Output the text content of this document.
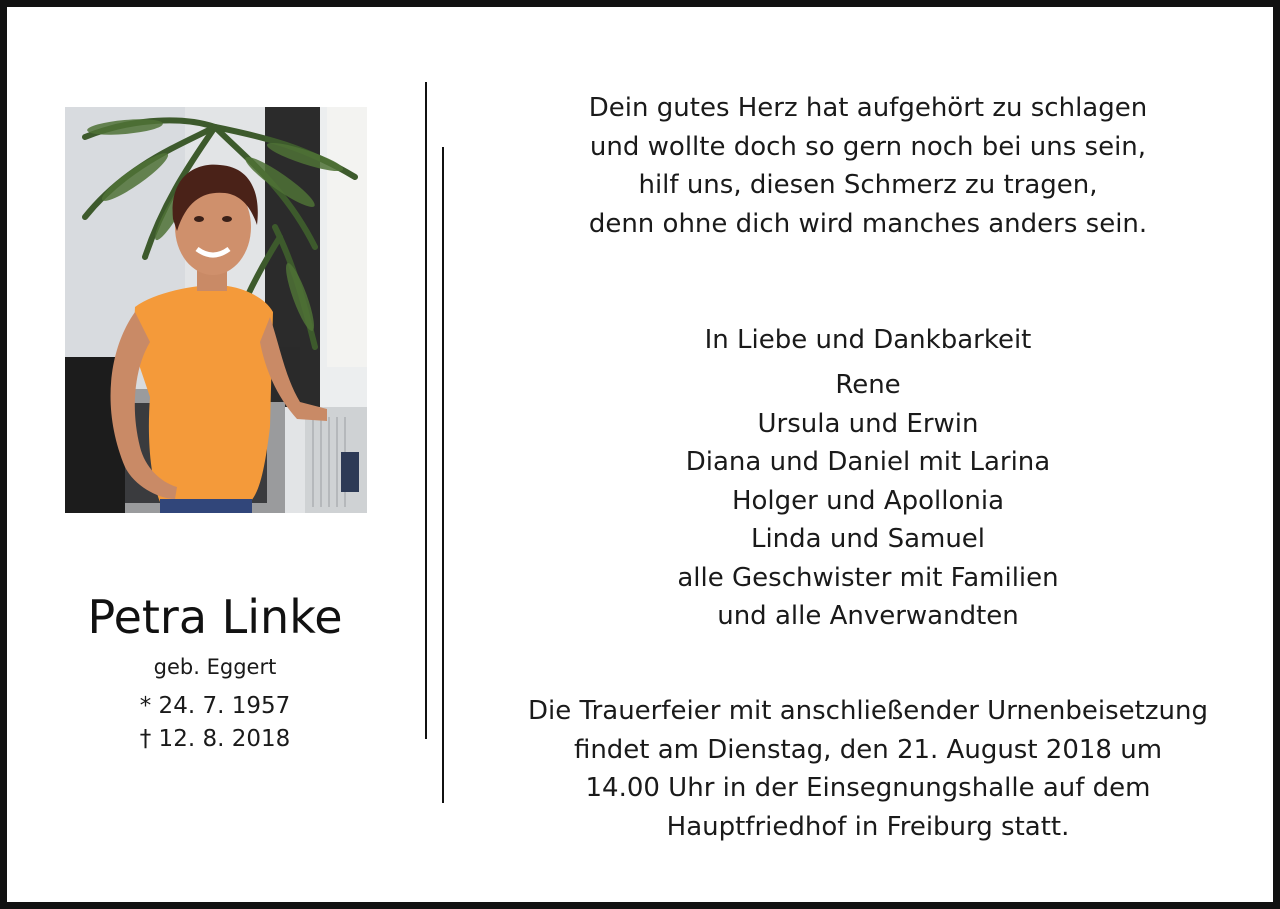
Petra Linke
geb. Eggert
* 24. 7. 1957
† 12. 8. 2018
Dein gutes Herz hat aufgehört zu schlagen
und wollte doch so gern noch bei uns sein,
hilf uns, diesen Schmerz zu tragen,
denn ohne dich wird manches anders sein.
In Liebe und Dankbarkeit
Rene
Ursula und Erwin
Diana und Daniel mit Larina
Holger und Apollonia
Linda und Samuel
alle Geschwister mit Familien
und alle Anverwandten
Die Trauerfeier mit anschließender Urnenbeisetzung
findet am Dienstag, den 21. August 2018 um
14.00 Uhr in der Einsegnungshalle auf dem
Hauptfriedhof in Freiburg statt.
